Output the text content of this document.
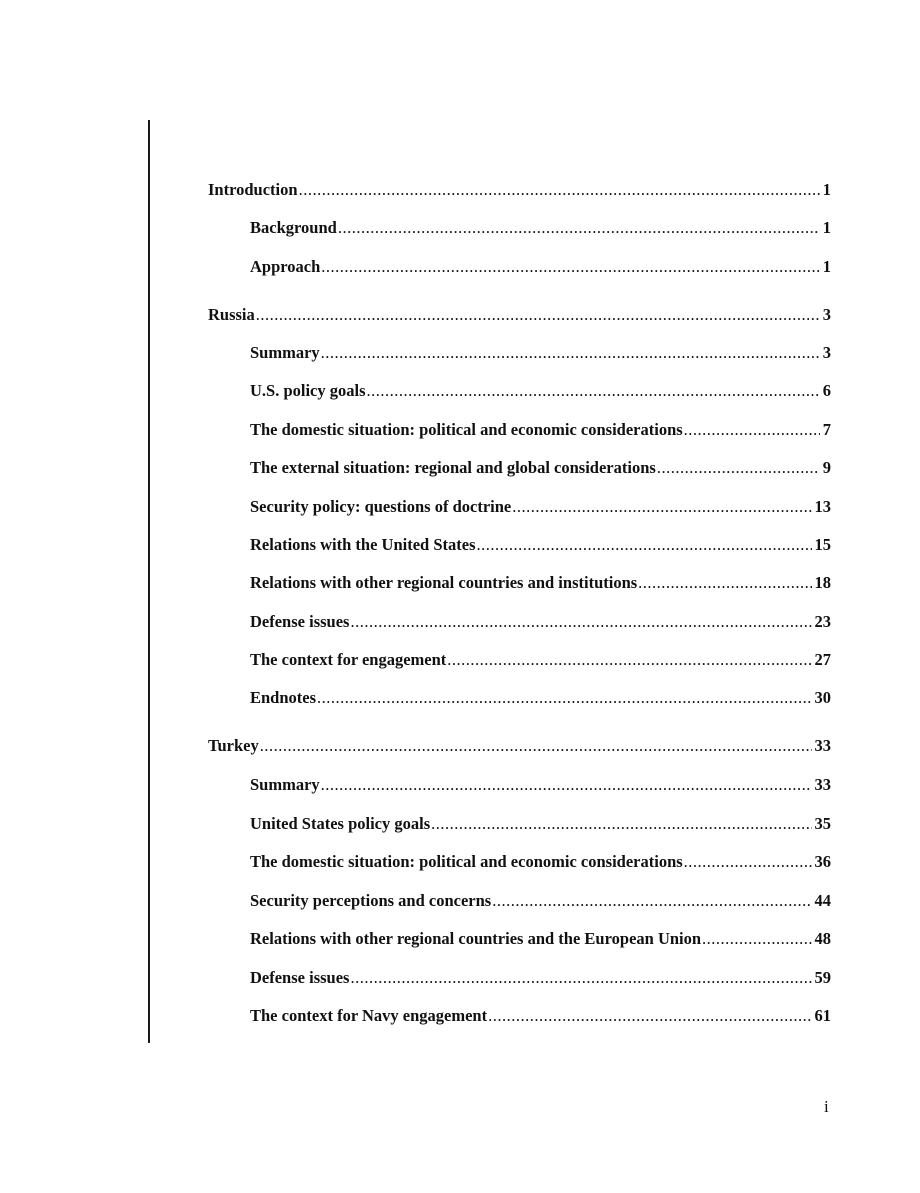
Introduction .....	1
Background .....	1
Approach .....	1
Russia .....	3
Summary .....	3
U.S. policy goals .....	6
The domestic situation: political and economic considerations .....	7
The external situation: regional and global considerations .....	9
Security policy: questions of doctrine .....	13
Relations with the United States .....	15
Relations with other regional countries and institutions .....	18
Defense issues .....	23
The context for engagement .....	27
Endnotes .....	30
Turkey .....	33
Summary .....	33
United States policy goals .....	35
The domestic situation: political and economic considerations .....	36
Security perceptions and concerns .....	44
Relations with other regional countries and the European Union .....	48
Defense issues .....	59
The context for Navy engagement .....	61
i
